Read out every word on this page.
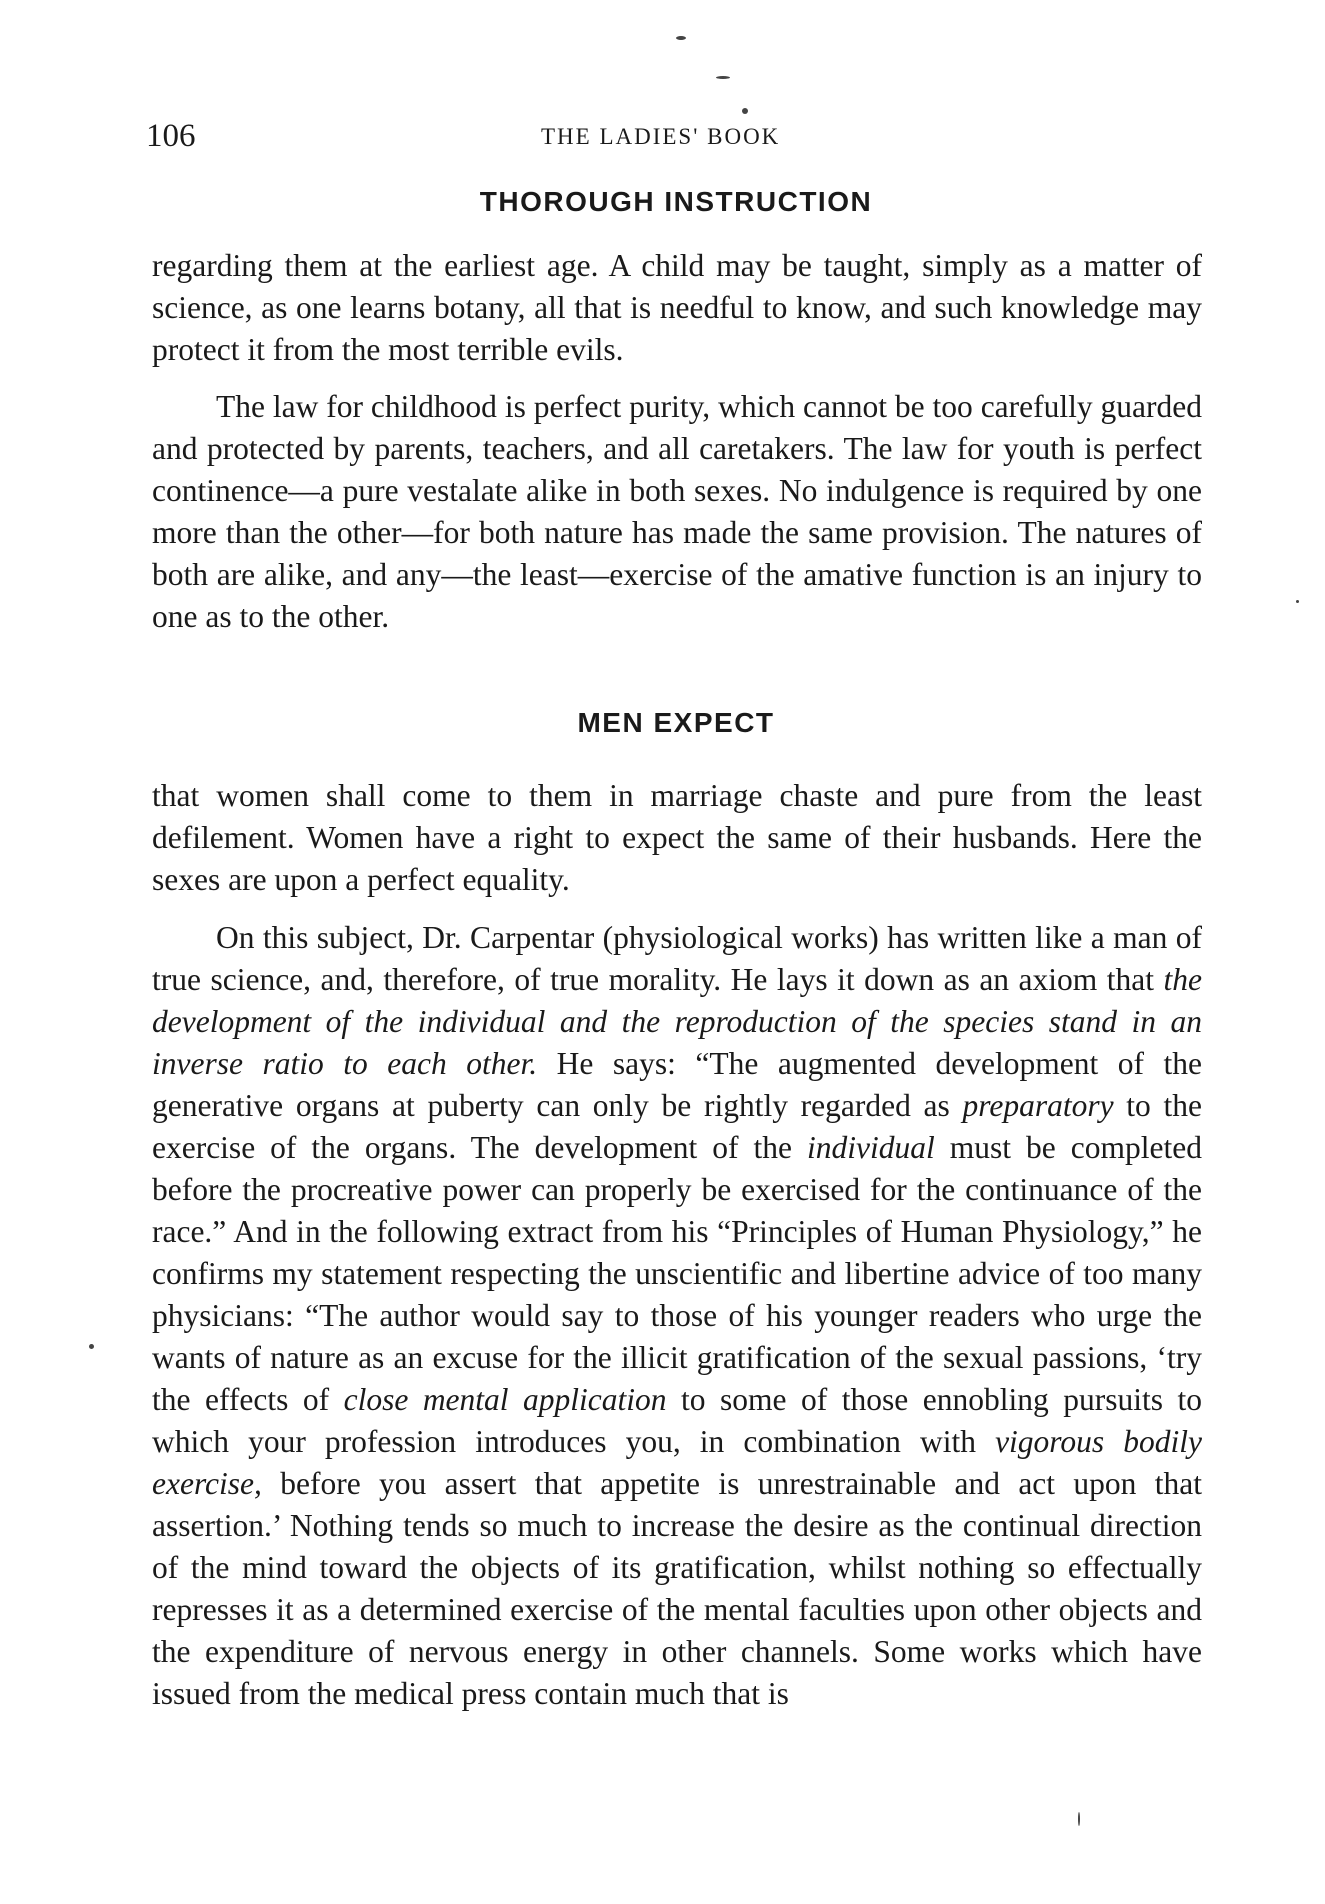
106	THE LADIES' BOOK
THOROUGH INSTRUCTION

regarding them at the earliest age. A child may be taught, simply as a matter of science, as one learns botany, all that is needful to know, and such knowledge may protect it from the most terrible evils.

The law for childhood is perfect purity, which cannot be too carefully guarded and protected by parents, teachers, and all caretakers. The law for youth is perfect continence—a pure vestalate alike in both sexes. No indulgence is required by one more than the other—for both nature has made the same provision. The natures of both are alike, and any—the least—exercise of the amative function is an injury to one as to the other.

MEN EXPECT

that women shall come to them in marriage chaste and pure from the least defilement. Women have a right to expect the same of their husbands. Here the sexes are upon a perfect equality.

On this subject, Dr. Carpentar (physiological works) has written like a man of true science, and, therefore, of true morality. He lays it down as an axiom that the development of the individual and the reproduction of the species stand in an inverse ratio to each other. He says: “The augmented development of the generative organs at puberty can only be rightly regarded as preparatory to the exercise of the organs. The development of the individual must be completed before the procreative power can properly be exercised for the continuance of the race.” And in the following extract from his “Principles of Human Physiology,” he confirms my statement respecting the unscientific and libertine advice of too many physicians: “The author would say to those of his younger readers who urge the wants of nature as an excuse for the illicit gratification of the sexual passions, ‘try the effects of close mental application to some of those ennobling pursuits to which your profession introduces you, in combination with vigorous bodily exercise, before you assert that appetite is unrestrainable and act upon that assertion.’ Nothing tends so much to increase the desire as the continual direction of the mind toward the objects of its gratification, whilst nothing so effectually represses it as a determined exercise of the mental faculties upon other objects and the expenditure of nervous energy in other channels. Some works which have issued from the medical press contain much that is
